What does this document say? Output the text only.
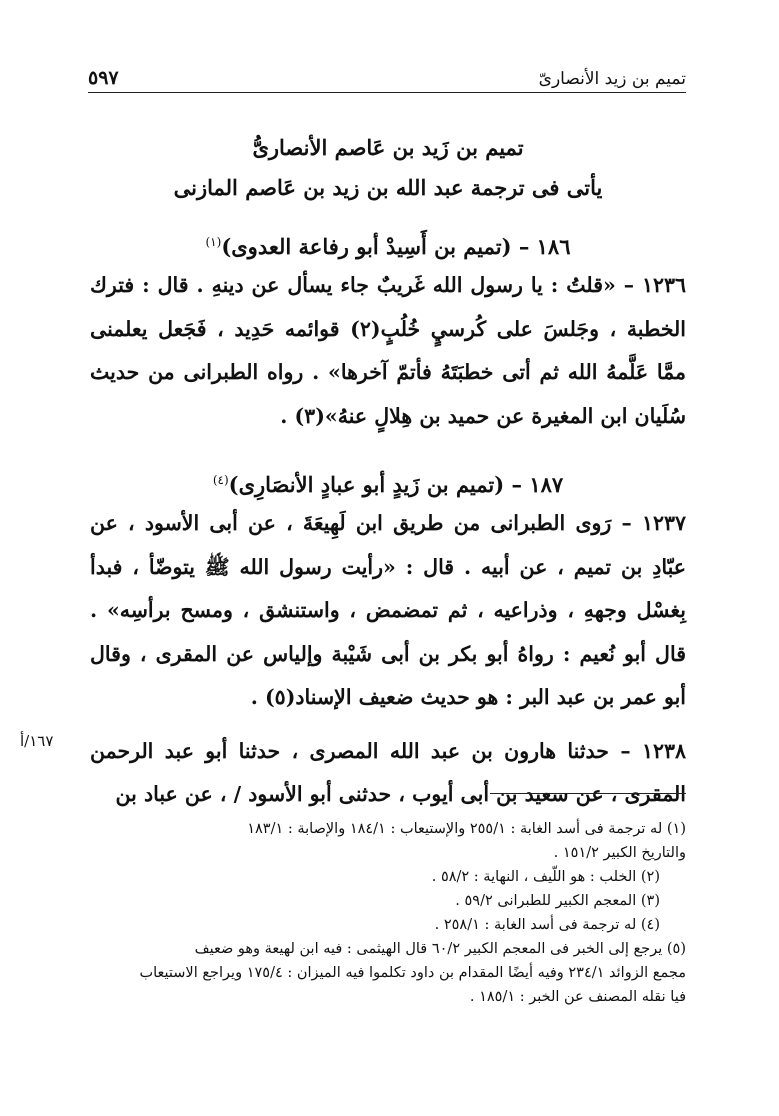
تميم بن زيد الأنصارىّ
٥٩٧
تميم بن زَيد بن عَاصم الأنصارىُّ
يأتى فى ترجمة عبد الله بن زيد بن عَاصم المازنى
١٨٦ – (تميم بن أَسِيدْ أبو رفاعة العدوى)$^{(١)}$

١٢٣٦ – «قلتُ : يا رسول الله غَريبٌ جاء يسأل عن دينهِ . قال : فترك الخطبة ، وجَلسَ على كُرسيٍ خُلُبٍ(٢) قوائمه حَدِيد ، فَجَعل يعلمنى ممَّا عَلَّمهُ الله ثم أتى خطبَتَهُ فأتمّ آخرها» . رواه الطبرانى من حديث سُلَيان ابن المغيرة عن حميد بن هِلالٍ عنهُ»(٣) .

١٨٧ – (تميم بن زَيدٍ أبو عبادٍ الأنصَارِى)$^{(٤)}$

١٢٣٧ – رَوى الطبرانى من طريق ابن لَهِيعَةَ ، عن أبى الأسود ، عن عبّادِ بن تميم ، عن أبيه . قال : «رأيت رسول الله ﷺ يتوضّأ ، فبدأ بِغسْل وجههِ ، وذراعيه ، ثم تمضمض ، واستنشق ، ومسح برأسِه» . قال أبو نُعيم : رواهُ أبو بكر بن أبى شَيْبة وإلياس عن المقرى ، وقال أبو عمر بن عبد البر : هو حديث ضعيف الإسناد(٥) .

١٢٣٨ – حدثنا هارون بن عبد الله المصرى ، حدثنا أبو عبد الرحمن المقرى ، عن سعيد بن أبى أيوب ، حدثنى أبو الأسود / ، عن عباد بن

١٦٧/أ

(١) له ترجمة فى أسد الغابة : ٢٥٥/١ والإستيعاب : ١٨٤/١ والإصابة : ١٨٣/١
والتاريخ الكبير ١٥١/٢ .

(٢) الخلب : هو اللّيف ، النهاية : ٥٨/٢ .

(٣) المعجم الكبير للطبرانى ٥٩/٢ .

(٤) له ترجمة فى أسد الغابة : ٢٥٨/١ .

(٥) يرجع إلى الخبر فى المعجم الكبير ٦٠/٢ قال الهيثمى : فيه ابن لهيعة وهو ضعيف
مجمع الزوائد ٢٣٤/١ وفيه أيضًا المقدام بن داود تكلموا فيه الميزان : ١٧٥/٤ ويراجع الاستيعاب
فيا نقله المصنف عن الخبر : ١٨٥/١ .
